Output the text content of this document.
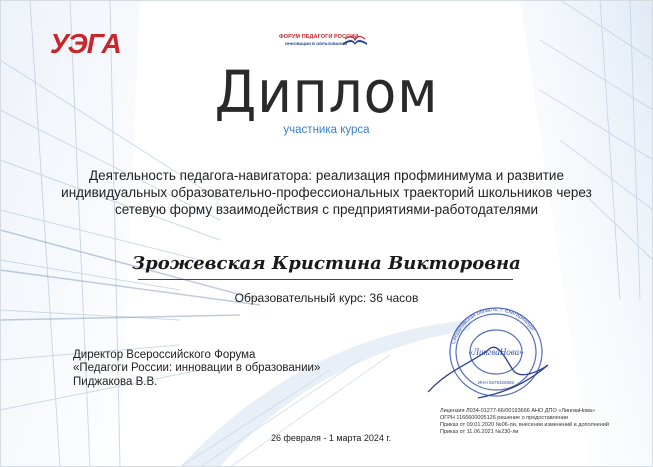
УЭГА	ФОРУМ ПЕДАГОГИ РОССИИ
ИННОВАЦИИ В ОБРАЗОВАНИИ
Диплом
участника курса
Деятельность педагога-навигатора: реализация профминимума и развитие
индивидуальных образовательно-профессиональных траекторий школьников через
сетевую форму взаимодействия с предприятиями-работодателями
Зрожевская Кристина Викторовна
Образовательный курс: 36 часов
Директор Всероссийского Форума
«Педагоги России: инновации в образовании»
Пиджакова В.В.
Свердловская область, г. Екатеринбург
«ЛингваНова»
ИНН 6679326956
Лицензия Л034-01277-66/00193666 АНО ДПО «ЛингваНова»
ОГРН 1166600005126 решение о предоставлении
Приказ от 09.01.2020 №06-ли, внесении изменений и дополнений
Приказ от 11.06.2021 №230-ли
26 февраля - 1 марта 2024 г.
